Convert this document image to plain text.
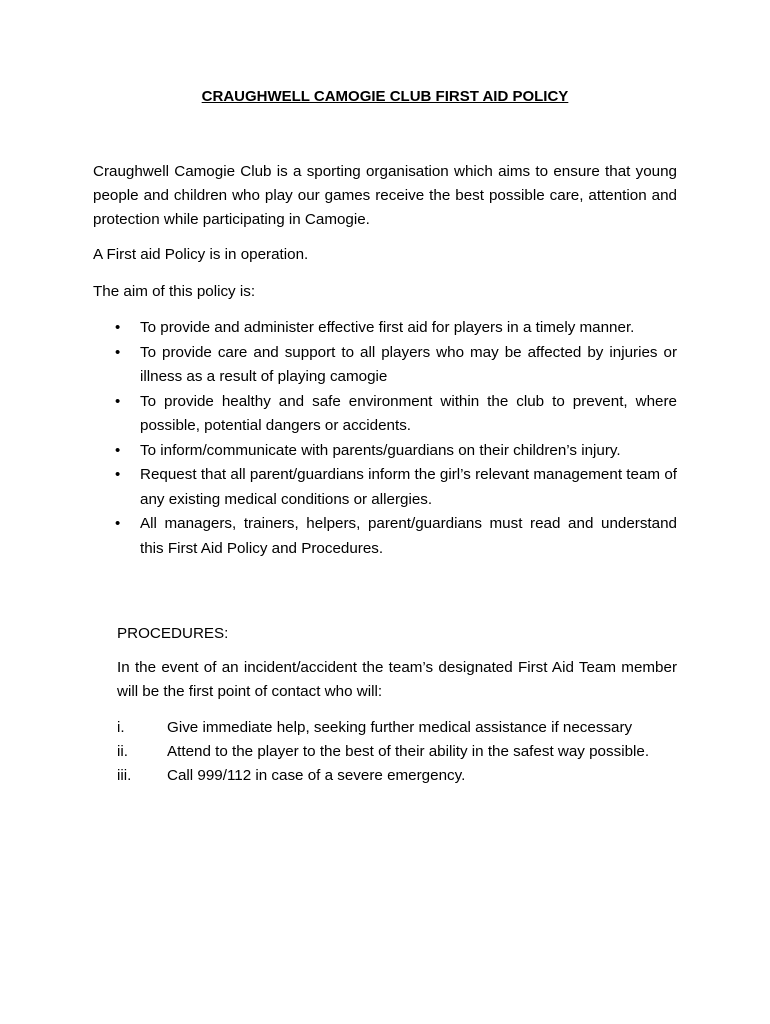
CRAUGHWELL CAMOGIE CLUB FIRST AID POLICY
Craughwell Camogie Club is a sporting organisation which aims to ensure that young people and children who play our games receive the best possible care, attention and protection while participating in Camogie.
A First aid Policy is in operation.
The aim of this policy is:
• To provide and administer effective first aid for players in a timely manner.
• To provide care and support to all players who may be affected by injuries or illness as a result of playing camogie
• To provide healthy and safe environment within the club to prevent, where possible, potential dangers or accidents.
• To inform/communicate with parents/guardians on their children’s injury.
• Request that all parent/guardians inform the girl’s relevant management team of any existing medical conditions or allergies.
• All managers, trainers, helpers, parent/guardians must read and understand this First Aid Policy and Procedures.
PROCEDURES:
In the event of an incident/accident the team’s designated First Aid Team member will be the first point of contact who will:
i.	Give immediate help, seeking further medical assistance if necessary
ii.	Attend to the player to the best of their ability in the safest way possible.
iii. Call 999/112 in case of a severe emergency.
